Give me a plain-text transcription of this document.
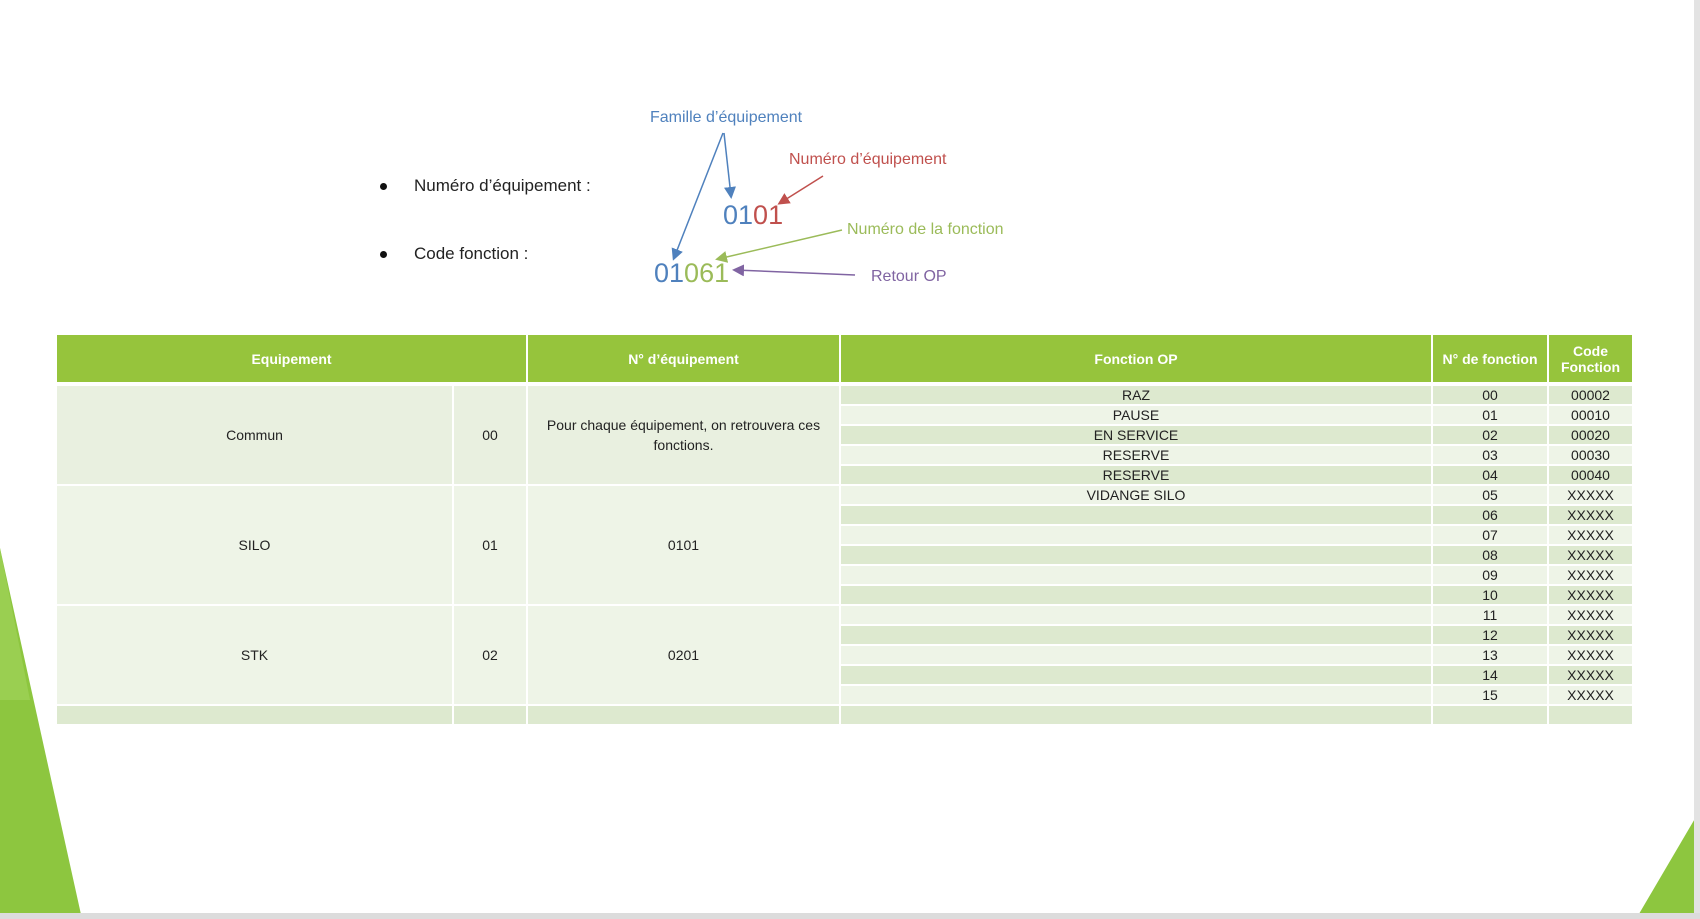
Numéro d’équipement :
Code fonction :
0101
01061
Famille d’équipement
Numéro d’équipement
Numéro de la fonction
Retour OP
Equipement		N° d’équipement	Fonction OP	N° de fonction	Code Fonction
Commun	00	Pour chaque équipement, on retrouvera ces fonctions.	RAZ	00	00002
			PAUSE	01	00010
			EN SERVICE	02	00020
			RESERVE	03	00030
			RESERVE	04	00040
SILO	01	0101	VIDANGE SILO	05	XXXXX
				06	XXXXX
				07	XXXXX
				08	XXXXX
				09	XXXXX
				10	XXXXX
STK	02	0201		11	XXXXX
				12	XXXXX
				13	XXXXX
				14	XXXXX
				15	XXXXX
